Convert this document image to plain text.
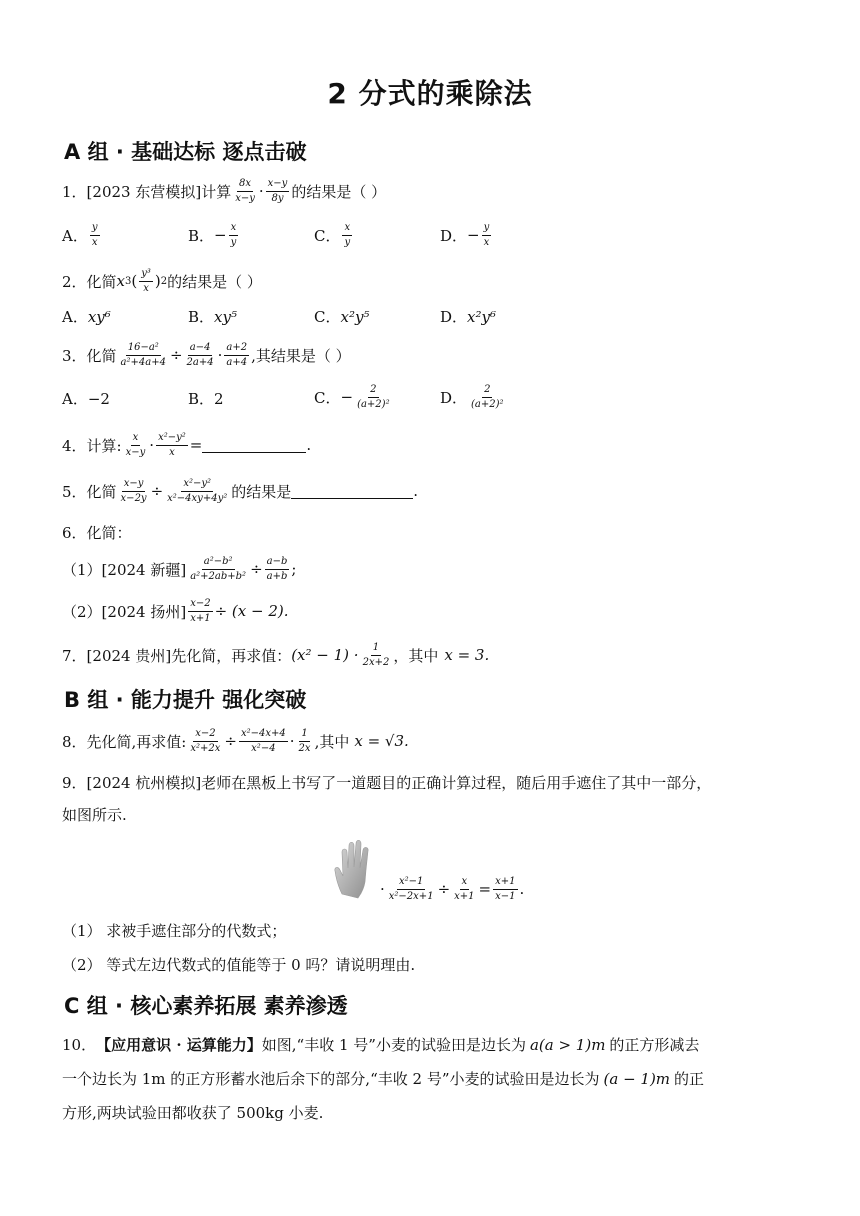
2 分式的乘除法
A 组 · 基础达标 逐点击破
1．[2023 东营模拟]计算 $\frac{8x}{x-y} \cdot \frac{x-y}{8y}$ 的结果是（ ）
A． $\frac{y}{x}$	B． − $\frac{x}{y}$	C． $\frac{x}{y}$	D． − $\frac{y}{x}$
2．化简 x 3 ( $\frac{\text{y³}}{x}$ ) 2 的结果是（ ）
A． xy⁶	B． xy⁵	C． x²y⁵	D． x²y⁶
3．化简 $\frac{\text{16−a²}}{\text{a²+4a+4}} \div \frac{a-4}{2a+4} \cdot \frac{a+2}{a+4}$ ,其结果是（ ）
A． −2	B． 2	C． − $\frac{2}{\text{(a+2)²}}$	D． $\frac{2}{\text{(a+2)²}}$
4．计算: $\frac{x}{x-y} \cdot \frac{\text{x²−y²}}{x}$ =	.
5．化简 $\frac{x-y}{x-2y} \div \frac{\text{x²−y²}}{\text{x²−4xy+4y²}}$ 的结果是	.
6．化简：
（1） [2024 新疆] $\frac{\text{a²−b²}}{\text{a²+2ab+b²}} \div \frac{a-b}{a+b}$ ;
（2） [2024 扬州] $\frac{x-2}{x+1} \div (x - 2)$.
7．[2024 贵州]先化简，再求值： $(x^2 - 1) \cdot \frac{1}{2x+2}$ ，其中 x = 3.
B 组 · 能力提升 强化突破
8．先化简,再求值: $\frac{x-2}{\text{x²+2x}} \div \frac{\text{x²−4x+4}}{\text{x²−4}} \cdot \frac{1}{2x}$ ,其中 x = √3.
9．[2024 杭州模拟]老师在黑板上书写了一道题目的正确计算过程，随后用手遮住了其中一部分，
如图所示.
· $\frac{\text{x²−1}}{\text{x²−2x+1}} \div \frac{x}{x+1} = \frac{x+1}{x-1}$ .
（1） 求被手遮住部分的代数式；
（2） 等式左边代数式的值能等于 0 吗？请说明理由.
C 组 · 核心素养拓展 素养渗透
10． 【应用意识 · 运算能力】 如图,“丰收 1 号”小麦的试验田是边长为 a(a > 1)m 的正方形减去
一个边长为 1m 的正方形蓄水池后余下的部分,“丰收 2 号”小麦的试验田是边长为 (a − 1)m 的正
方形,两块试验田都收获了 500kg 小麦.
